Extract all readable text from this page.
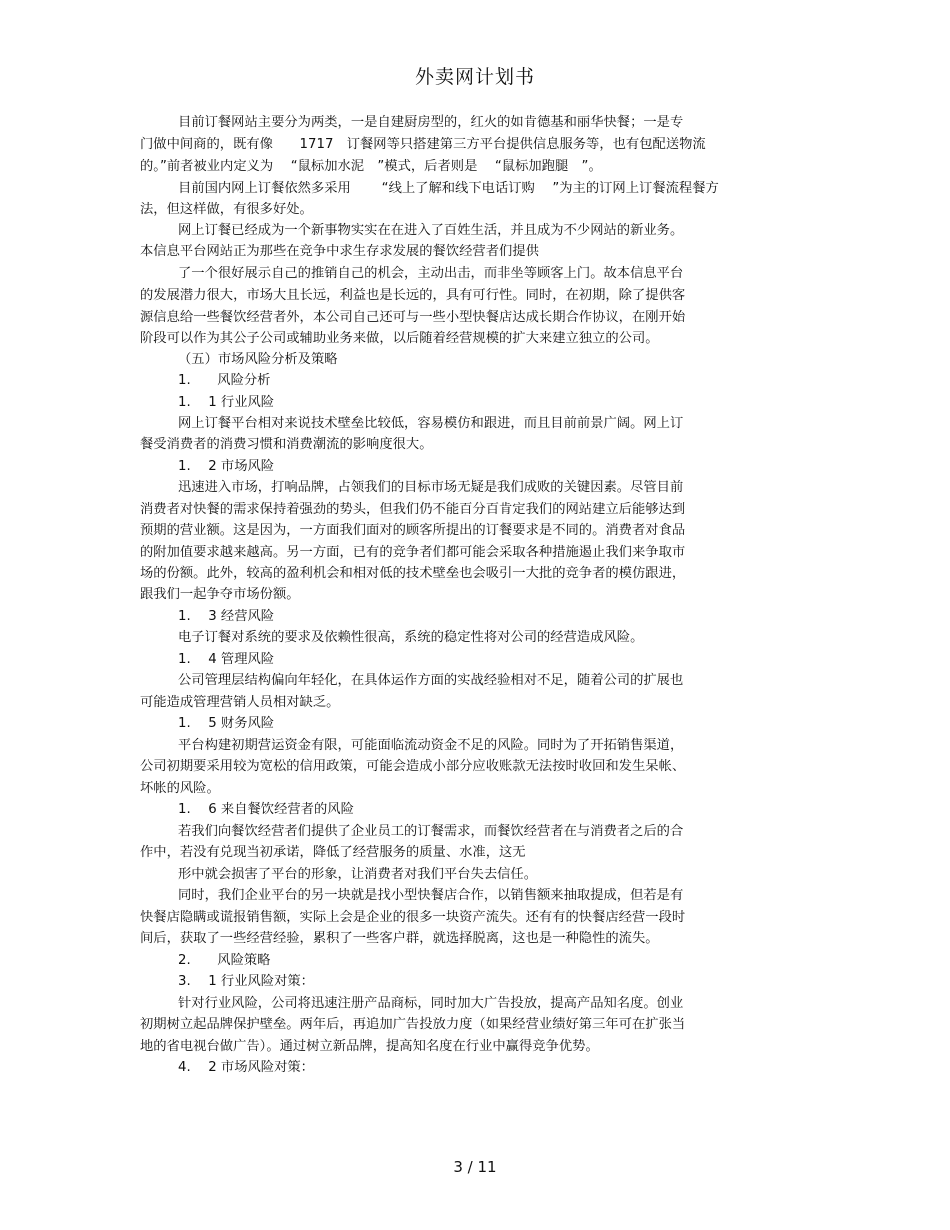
外卖网计划书
目前订餐网站主要分为两类，一是自建厨房型的，红火的如肯德基和丽华快餐；一是专
门做中间商的，既有像　　1717　订餐网等只搭建第三方平台提供信息服务等，也有包配送物流
的。”前者被业内定义为　 “鼠标加水泥　”模式，后者则是　 “鼠标加跑腿　”。
目前国内网上订餐依然多采用　　 “线上了解和线下电话订购　 ”为主的订网上订餐流程餐方
法，但这样做，有很多好处。
网上订餐已经成为一个新事物实实在在进入了百姓生活，并且成为不少网站的新业务。
本信息平台网站正为那些在竞争中求生存求发展的餐饮经营者们提供
了一个很好展示自己的推销自己的机会，主动出击，而非坐等顾客上门。故本信息平台
的发展潜力很大，市场大且长远，利益也是长远的，具有可行性。同时，在初期，除了提供客
源信息给一些餐饮经营者外，本公司自己还可与一些小型快餐店达成长期合作协议，在刚开始
阶段可以作为其公子公司或辅助业务来做，以后随着经营规模的扩大来建立独立的公司。
（五）市场风险分析及策略
1.　　风险分析
1.　 1 行业风险
网上订餐平台相对来说技术壁垒比较低，容易模仿和跟进，而且目前前景广阔。网上订
餐受消费者的消费习惯和消费潮流的影响度很大。
1.　 2 市场风险
迅速进入市场，打响品牌，占领我们的目标市场无疑是我们成败的关键因素。尽管目前
消费者对快餐的需求保持着强劲的势头，但我们仍不能百分百肯定我们的网站建立后能够达到
预期的营业额。这是因为，一方面我们面对的顾客所提出的订餐要求是不同的。消费者对食品
的附加值要求越来越高。另一方面，已有的竞争者们都可能会采取各种措施遏止我们来争取市
场的份额。此外，较高的盈利机会和相对低的技术壁垒也会吸引一大批的竞争者的模仿跟进，
跟我们一起争夺市场份额。
1.　 3 经营风险
电子订餐对系统的要求及依赖性很高，系统的稳定性将对公司的经营造成风险。
1.　 4 管理风险
公司管理层结构偏向年轻化，在具体运作方面的实战经验相对不足，随着公司的扩展也
可能造成管理营销人员相对缺乏。
1.　 5 财务风险
平台构建初期营运资金有限，可能面临流动资金不足的风险。同时为了开拓销售渠道，
公司初期要采用较为宽松的信用政策，可能会造成小部分应收账款无法按时收回和发生呆帐、
坏帐的风险。
1.　 6 来自餐饮经营者的风险
若我们向餐饮经营者们提供了企业员工的订餐需求，而餐饮经营者在与消费者之后的合
作中，若没有兑现当初承诺，降低了经营服务的质量、水准，这无
形中就会损害了平台的形象，让消费者对我们平台失去信任。
同时，我们企业平台的另一块就是找小型快餐店合作，以销售额来抽取提成，但若是有
快餐店隐瞒或谎报销售额，实际上会是企业的很多一块资产流失。还有有的快餐店经营一段时
间后，获取了一些经营经验，累积了一些客户群，就选择脱离，这也是一种隐性的流失。
2.　　风险策略
3.　 1 行业风险对策：
针对行业风险，公司将迅速注册产品商标，同时加大广告投放，提高产品知名度。创业
初期树立起品牌保护壁垒。两年后，再追加广告投放力度（如果经营业绩好第三年可在扩张当
地的省电视台做广告）。通过树立新品牌，提高知名度在行业中赢得竞争优势。
4.　 2 市场风险对策：
3 / 11
